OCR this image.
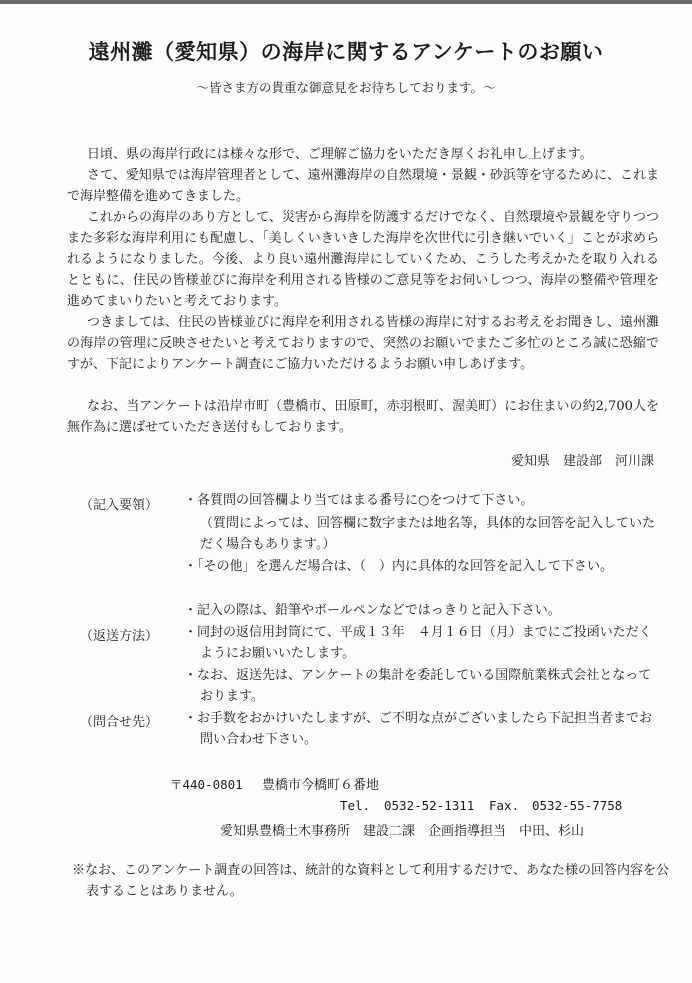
遠州灘（愛知県）の海岸に関するアンケートのお願い
〜皆さま方の貴重な御意見をお待ちしております。〜

日頃、県の海岸行政には様々な形で、ご理解ご協力をいただき厚くお礼申し上げます。

さて、愛知県では海岸管理者として、遠州灘海岸の自然環境・景観・砂浜等を守るために、これまで海岸整備を進めてきました。

これからの海岸のあり方として、災害から海岸を防護するだけでなく、自然環境や景観を守りつつまた多彩な海岸利用にも配慮し、「美しくいきいきした海岸を次世代に引き継いでいく」ことが求められるようになりました。今後、より良い遠州灘海岸にしていくため、こうした考えかたを取り入れるとともに、住民の皆様並びに海岸を利用される皆様のご意見等をお伺いしつつ、海岸の整備や管理を進めてまいりたいと考えております。

つきましては、住民の皆様並びに海岸を利用される皆様の海岸に対するお考えをお聞きし、遠州灘の海岸の管理に反映させたいと考えておりますので、突然のお願いでまたご多忙のところ誠に恐縮ですが、下記によりアンケート調査にご協力いただけるようお願い申しあげます。

なお、当アンケートは沿岸市町（豊橋市、田原町，赤羽根町、渥美町）にお住まいの約2,700人を無作為に選ばせていただき送付もしております。

愛知県　建設部　河川課
（記入要領） ・各質問の回答欄より当てはまる番号に○をつけて下さい。

（質問によっては、回答欄に数字または地名等，具体的な回答を記入していただく場合もあります。）

・「その他」を選んだ場合は、（　）内に具体的な回答を記入して下さい。

・記入の際は、鉛筆やボールペンなどではっきりと記入下さい。

（返送方法） ・同封の返信用封筒にて、平成１３年　４月１６日（月）までにご投函いただくようにお願いいたします。

・なお、返送先は、アンケートの集計を委託している国際航業株式会社となっております。

（問合せ先） ・お手数をおかけいたしますが、ご不明な点がございましたら下記担当者までお問い合わせ下さい。

〒440-0801 豊橋市今橋町６番地
Tel. 0532-52-1311 Fax. 0532-55-7758
愛知県豊橋土木事務所　建設二課　企画指導担当　中田、杉山

※なお、このアンケート調査の回答は、統計的な資料として利用するだけで、あなた様の回答内容を公表することはありません。
